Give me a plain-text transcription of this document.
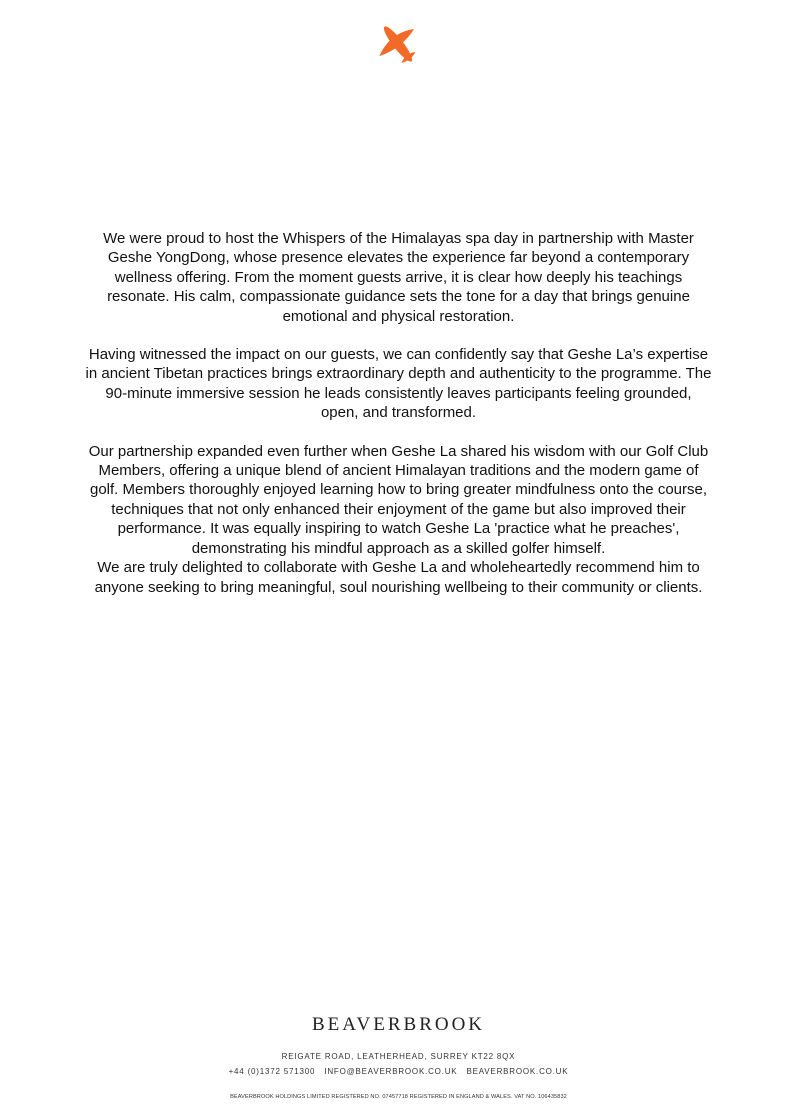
We were proud to host the Whispers of the Himalayas spa day in partnership with Master Geshe YongDong, whose presence elevates the experience far beyond a contemporary wellness offering. From the moment guests arrive, it is clear how deeply his teachings resonate. His calm, compassionate guidance sets the tone for a day that brings genuine emotional and physical restoration.

Having witnessed the impact on our guests, we can confidently say that Geshe La’s expertise in ancient Tibetan practices brings extraordinary depth and authenticity to the programme. The 90-minute immersive session he leads consistently leaves participants feeling grounded, open, and transformed.

Our partnership expanded even further when Geshe La shared his wisdom with our Golf Club Members, offering a unique blend of ancient Himalayan traditions and the modern game of golf. Members thoroughly enjoyed learning how to bring greater mindfulness onto the course, techniques that not only enhanced their enjoyment of the game but also improved their performance. It was equally inspiring to watch Geshe La 'practice what he preaches', demonstrating his mindful approach as a skilled golfer himself.

We are truly delighted to collaborate with Geshe La and wholeheartedly recommend him to anyone seeking to bring meaningful, soul nourishing wellbeing to their community or clients.

BEAVERBROOK
REIGATE ROAD, LEATHERHEAD, SURREY KT22 8QX
+44 (0)1372 571300 INFO@BEAVERBROOK.CO.UK BEAVERBROOK.CO.UK
BEAVERBROOK HOLDINGS LIMITED REGISTERED NO. 07457718 REGISTERED IN ENGLAND & WALES. VAT NO. 106435832
